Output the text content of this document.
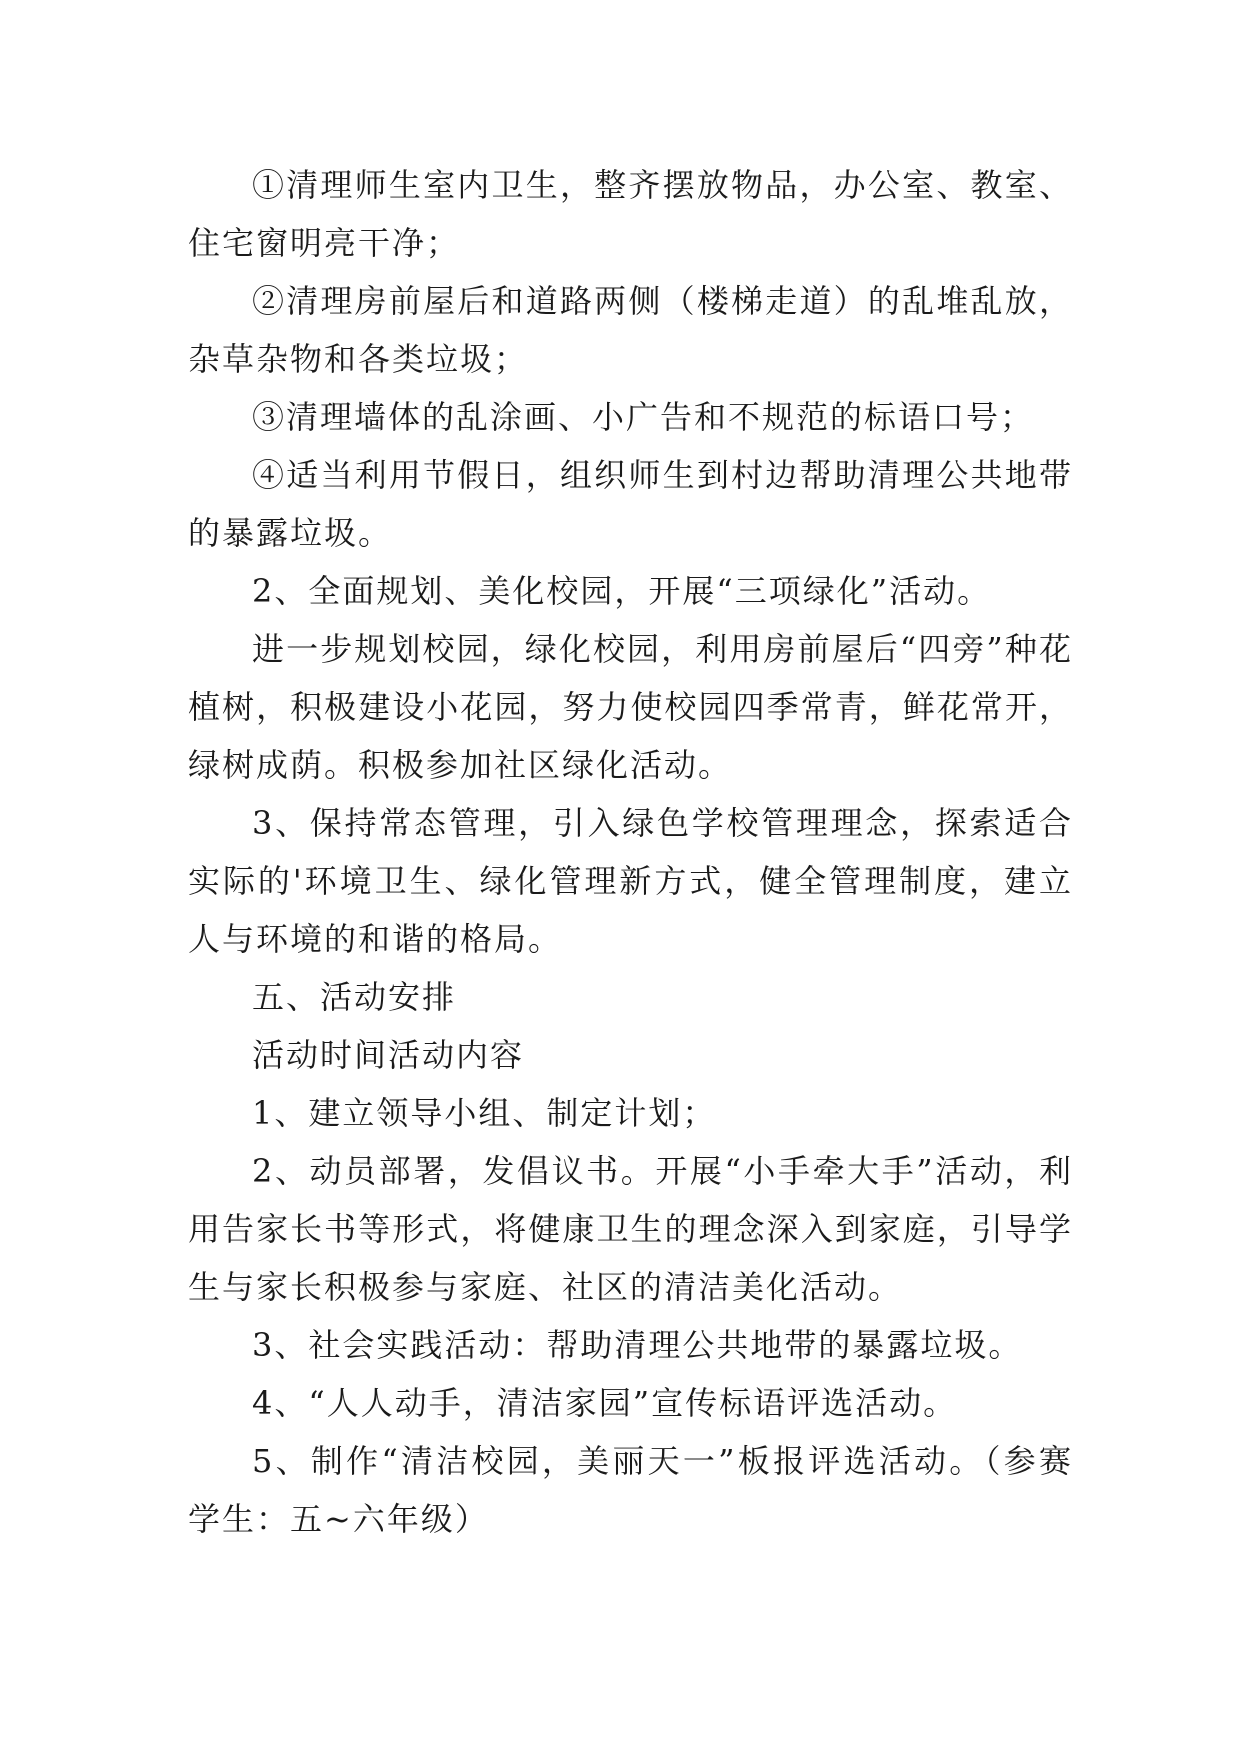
①清理师生室内卫生，整齐摆放物品，办公室、教室、住宅窗明亮干净；

②清理房前屋后和道路两侧（楼梯走道）的乱堆乱放，杂草杂物和各类垃圾；

③清理墙体的乱涂画、小广告和不规范的标语口号；

④适当利用节假日，组织师生到村边帮助清理公共地带的暴露垃圾。

2、全面规划、美化校园，开展“三项绿化”活动。

进一步规划校园，绿化校园，利用房前屋后“四旁”种花植树，积极建设小花园，努力使校园四季常青，鲜花常开，绿树成荫。积极参加社区绿化活动。

3、保持常态管理，引入绿色学校管理理念，探索适合实际的'环境卫生、绿化管理新方式，健全管理制度，建立人与环境的和谐的格局。

五、活动安排

活动时间活动内容

1、建立领导小组、制定计划；

2、动员部署，发倡议书。开展“小手牵大手”活动，利用告家长书等形式，将健康卫生的理念深入到家庭，引导学生与家长积极参与家庭、社区的清洁美化活动。

3、社会实践活动：帮助清理公共地带的暴露垃圾。

4、“人人动手，清洁家园”宣传标语评选活动。

5、制作“清洁校园，美丽天一”板报评选活动。（参赛学生：五~六年级）
